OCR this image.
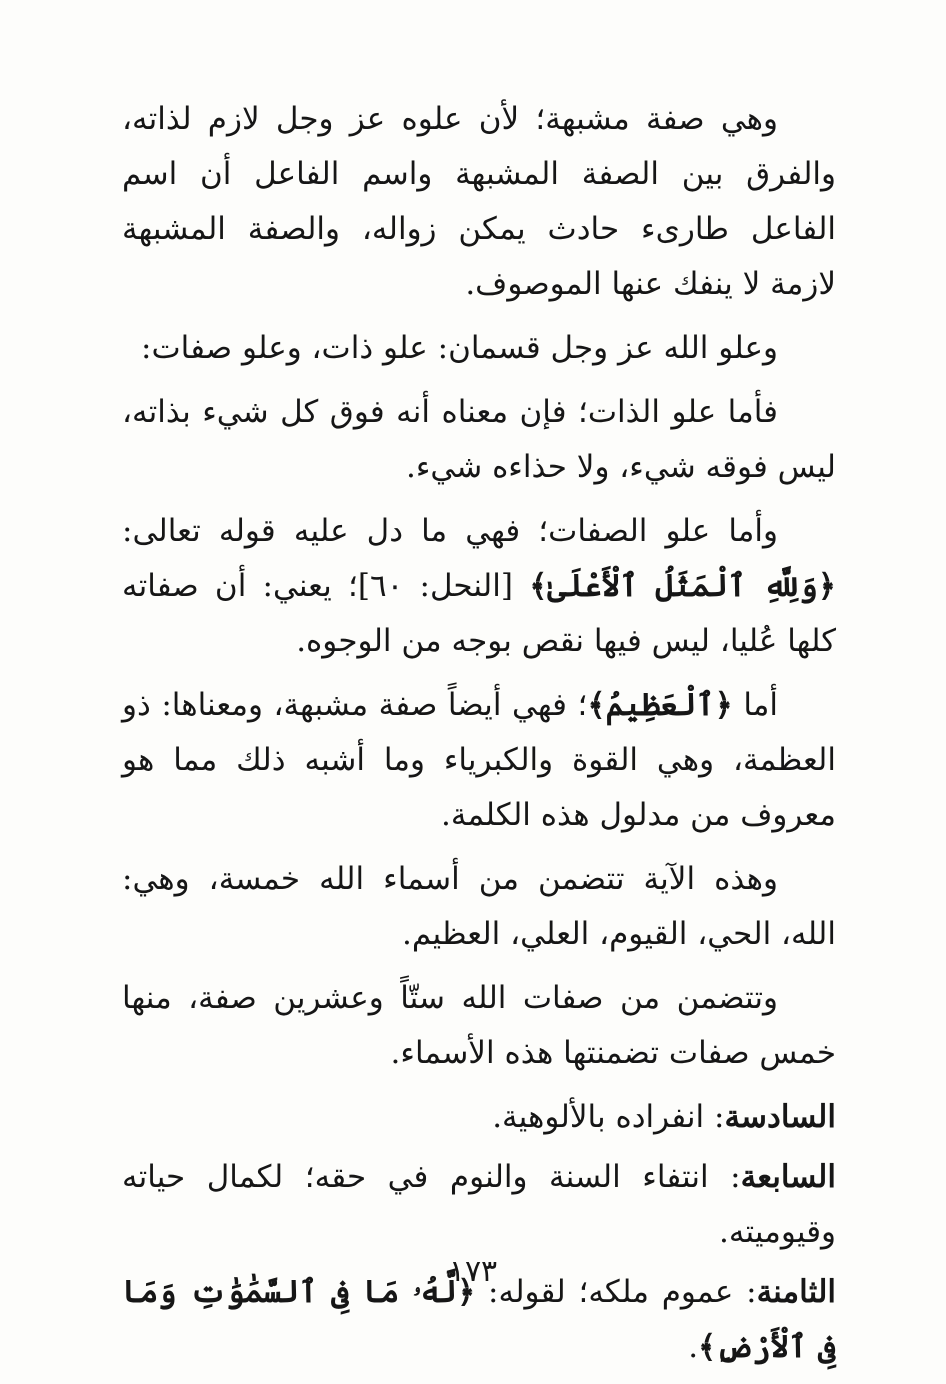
وهي صفة مشبهة؛ لأن علوه عز وجل لازم لذاته، والفرق بين الصفة المشبهة واسم الفاعل أن اسم الفاعل طارىء حادث يمكن زواله، والصفة المشبهة لازمة لا ينفك عنها الموصوف.

وعلو الله عز وجل قسمان: علو ذات، وعلو صفات:

فأما علو الذات؛ فإن معناه أنه فوق كل شيء بذاته، ليس فوقه شيء، ولا حذاءه شيء.

وأما علو الصفات؛ فهي ما دل عليه قوله تعالى: ﴿وَلِلَّهِ ٱلْمَثَلُ ٱلْأَعْلَىٰ﴾ [النحل: ٦٠]؛ يعني: أن صفاته كلها عُليا، ليس فيها نقص بوجه من الوجوه.

أما ﴿ٱلْعَظِيمُ﴾؛ فهي أيضاً صفة مشبهة، ومعناها: ذو العظمة، وهي القوة والكبرياء وما أشبه ذلك مما هو معروف من مدلول هذه الكلمة.

وهذه الآية تتضمن من أسماء الله خمسة، وهي: الله، الحي، القيوم، العلي، العظيم.

وتتضمن من صفات الله ستّاً وعشرين صفة، منها خمس صفات تضمنتها هذه الأسماء.

السادسة: انفراده بالألوهية.

السابعة: انتفاء السنة والنوم في حقه؛ لكمال حياته وقيوميته.

الثامنة: عموم ملكه؛ لقوله: ﴿لَّهُۥ مَا فِى ٱلسَّمَٰوَٰتِ وَمَا فِى ٱلْأَرْضِ﴾.

١٧٣
